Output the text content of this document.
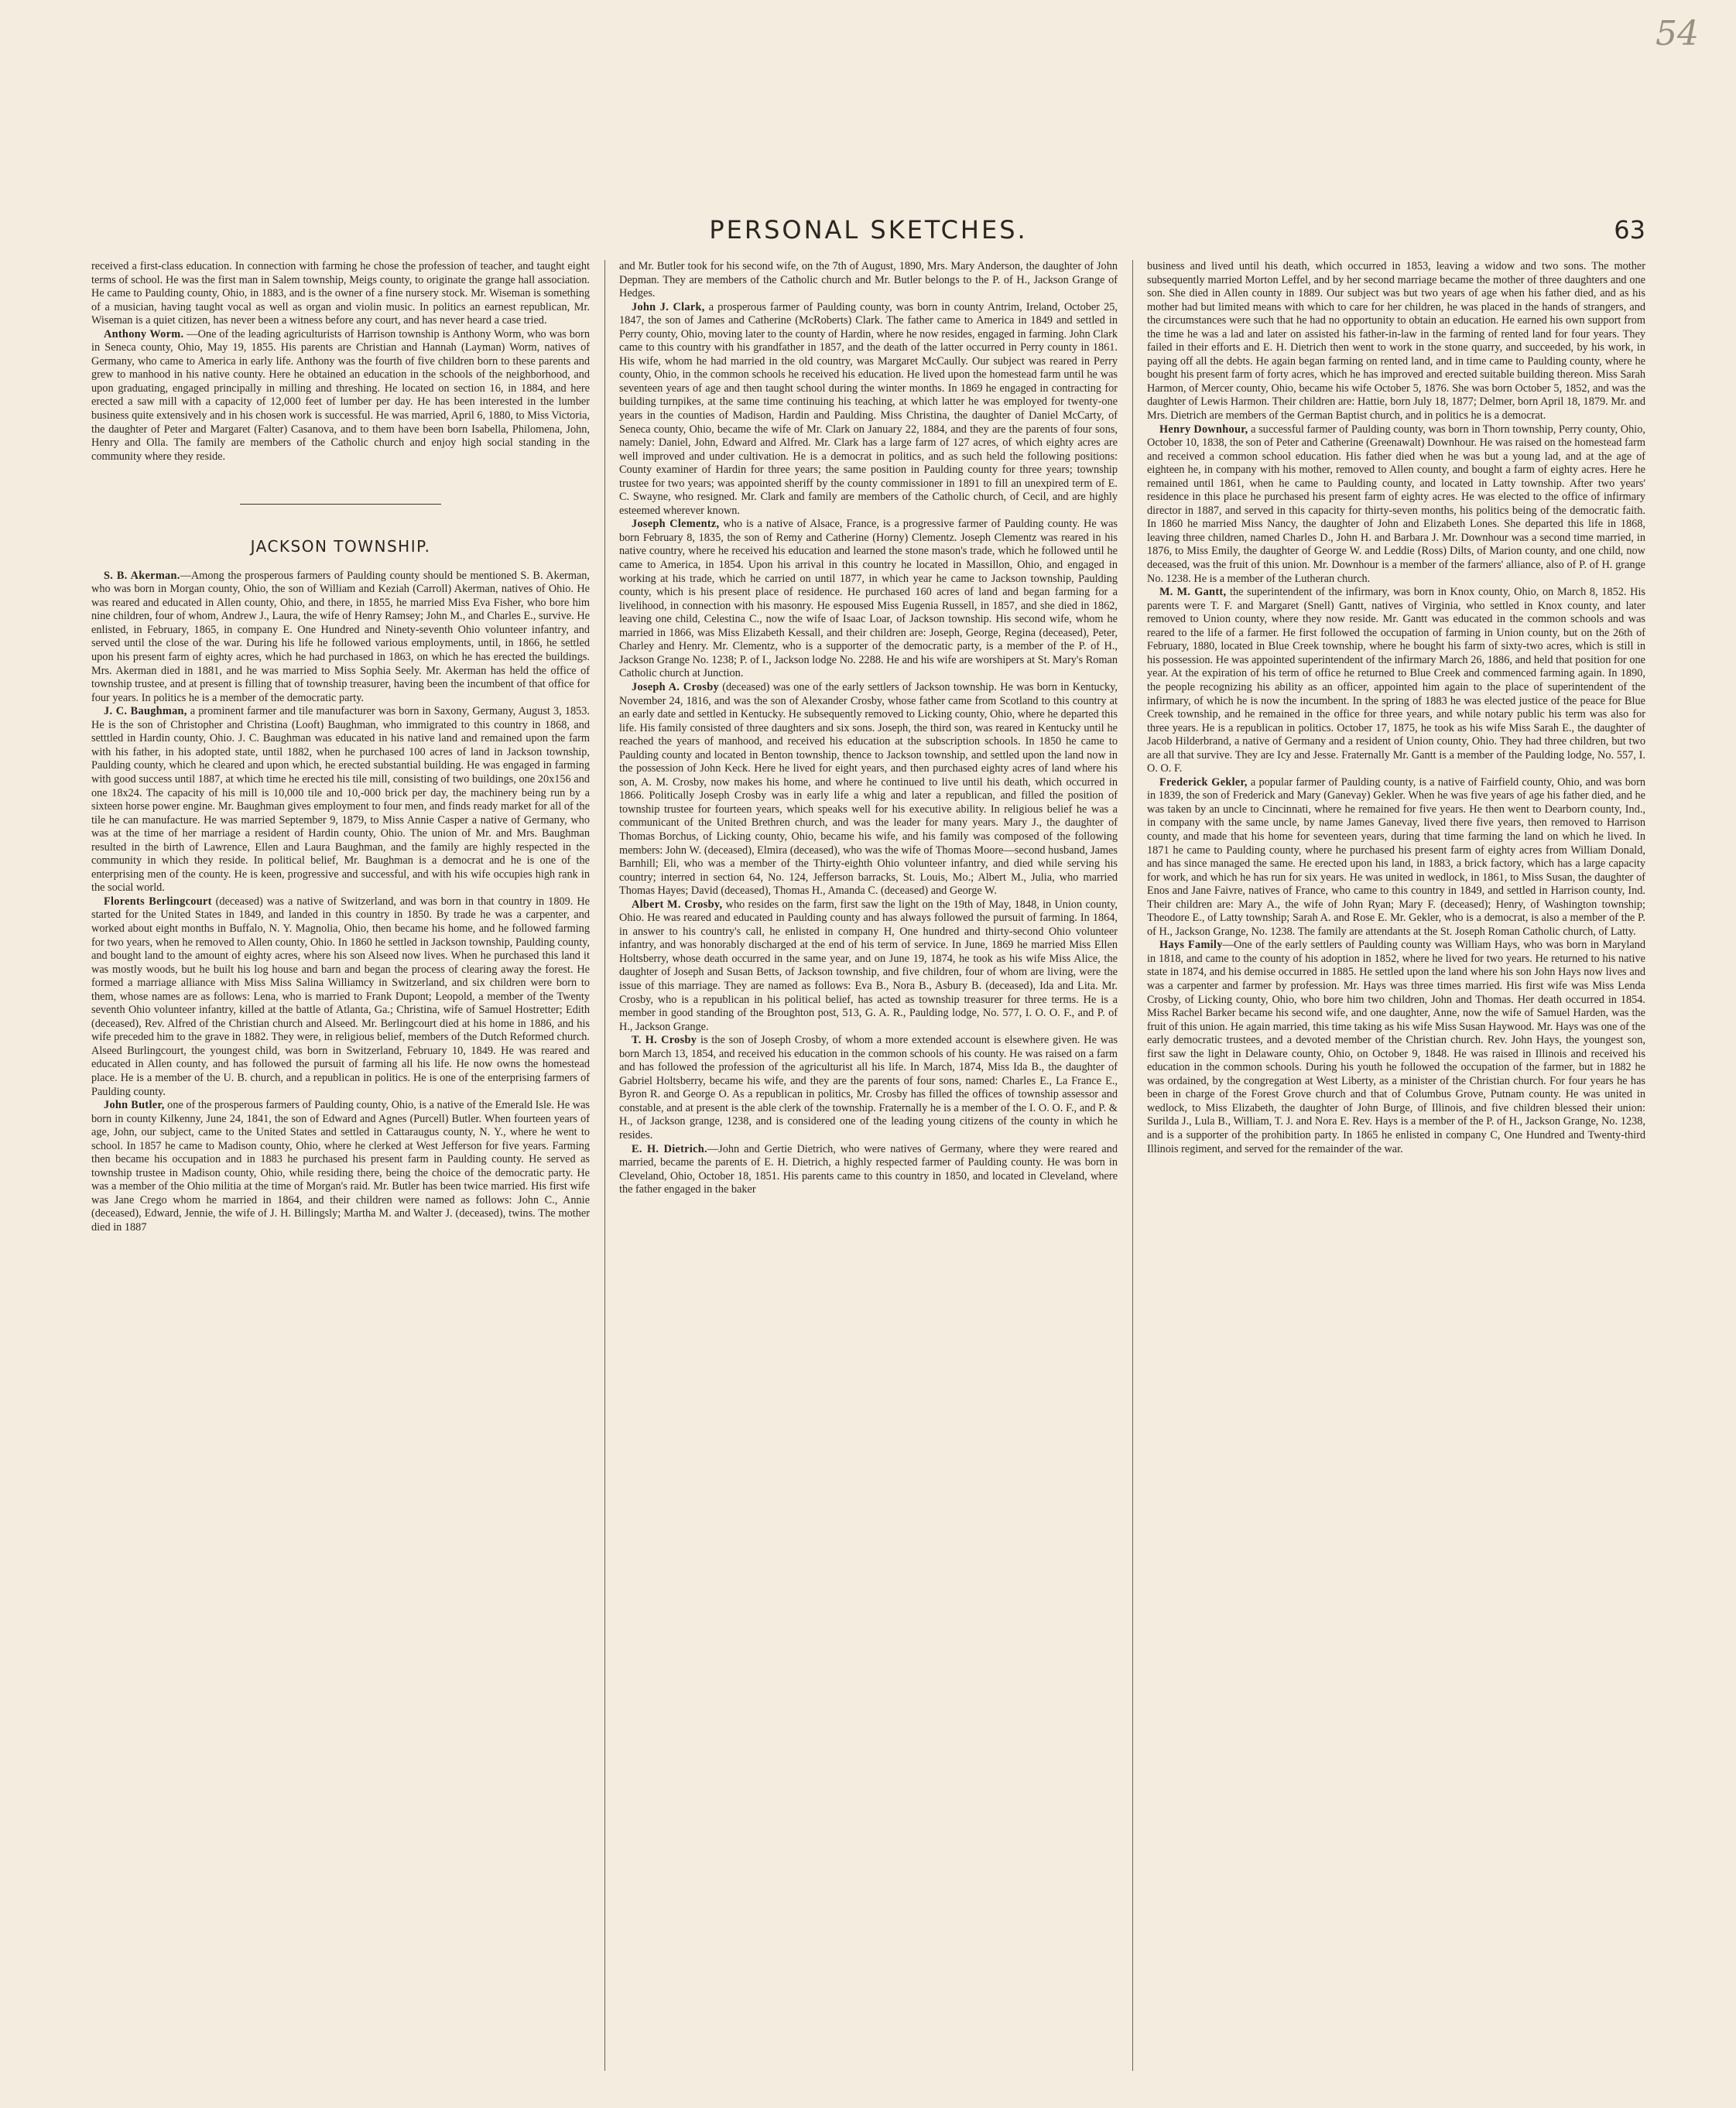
54
PERSONAL SKETCHES.	63

received a first-class education. In connection with farming he chose the profession of teacher, and taught eight terms of school. He was the first man in Salem township, Meigs county, to originate the grange hall association. He came to Paulding county, Ohio, in 1883, and is the owner of a fine nursery stock. Mr. Wiseman is something of a musician, having taught vocal as well as organ and violin music. In politics an earnest republican, Mr. Wiseman is a quiet citizen, has never been a witness before any court, and has never heard a case tried.

Anthony Worm. —One of the leading agriculturists of Harrison township is Anthony Worm, who was born in Seneca county, Ohio, May 19, 1855. His parents are Christian and Hannah (Layman) Worm, natives of Germany, who came to America in early life. Anthony was the fourth of five children born to these parents and grew to manhood in his native county. Here he obtained an education in the schools of the neighborhood, and upon graduating, engaged principally in milling and threshing. He located on section 16, in 1884, and here erected a saw mill with a capacity of 12,000 feet of lumber per day. He has been interested in the lumber business quite extensively and in his chosen work is successful. He was married, April 6, 1880, to Miss Victoria, the daughter of Peter and Margaret (Falter) Casanova, and to them have been born Isabella, Philomena, John, Henry and Olla. The family are members of the Catholic church and enjoy high social standing in the community where they reside.

JACKSON TOWNSHIP.

S. B. Akerman.—Among the prosperous farmers of Paulding county should be mentioned S. B. Akerman, who was born in Morgan county, Ohio, the son of William and Keziah (Carroll) Akerman, natives of Ohio. He was reared and educated in Allen county, Ohio, and there, in 1855, he married Miss Eva Fisher, who bore him nine children, four of whom, Andrew J., Laura, the wife of Henry Ramsey; John M., and Charles E., survive. He enlisted, in February, 1865, in company E. One Hundred and Ninety-seventh Ohio volunteer infantry, and served until the close of the war. During his life he followed various employments, until, in 1866, he settled upon his present farm of eighty acres, which he had purchased in 1863, on which he has erected the buildings. Mrs. Akerman died in 1881, and he was married to Miss Sophia Seely. Mr. Akerman has held the office of township trustee, and at present is filling that of township treasurer, having been the incumbent of that office for four years. In politics he is a member of the democratic party.

J. C. Baughman, a prominent farmer and tile manufacturer was born in Saxony, Germany, August 3, 1853. He is the son of Christopher and Christina (Looft) Baughman, who immigrated to this country in 1868, and setttled in Hardin county, Ohio. J. C. Baughman was educated in his native land and remained upon the farm with his father, in his adopted state, until 1882, when he purchased 100 acres of land in Jackson township, Paulding county, which he cleared and upon which, he erected substantial building. He was engaged in farming with good success until 1887, at which time he erected his tile mill, consisting of two buildings, one 20x156 and one 18x24. The capacity of his mill is 10,000 tile and 10,-000 brick per day, the machinery being run by a sixteen horse power engine. Mr. Baughman gives employment to four men, and finds ready market for all of the tile he can manufacture. He was married September 9, 1879, to Miss Annie Casper a native of Germany, who was at the time of her marriage a resident of Hardin county, Ohio. The union of Mr. and Mrs. Baughman resulted in the birth of Lawrence, Ellen and Laura Baughman, and the family are highly respected in the community in which they reside. In political belief, Mr. Baughman is a democrat and he is one of the enterprising men of the county. He is keen, progressive and successful, and with his wife occupies high rank in the social world.

Florents Berlingcourt (deceased) was a native of Switzerland, and was born in that country in 1809. He started for the United States in 1849, and landed in this country in 1850. By trade he was a carpenter, and worked about eight months in Buffalo, N. Y. Magnolia, Ohio, then became his home, and he followed farming for two years, when he removed to Allen county, Ohio. In 1860 he settled in Jackson township, Paulding county, and bought land to the amount of eighty acres, where his son Alseed now lives. When he purchased this land it was mostly woods, but he built his log house and barn and began the process of clearing away the forest. He formed a marriage alliance with Miss Miss Salina Williamcy in Switzerland, and six children were born to them, whose names are as follows: Lena, who is married to Frank Dupont; Leopold, a member of the Twenty seventh Ohio volunteer infantry, killed at the battle of Atlanta, Ga.; Christina, wife of Samuel Hostretter; Edith (deceased), Rev. Alfred of the Christian church and Alseed. Mr. Berlingcourt died at his home in 1886, and his wife preceded him to the grave in 1882. They were, in religious belief, members of the Dutch Reformed church. Alseed Burlingcourt, the youngest child, was born in Switzerland, February 10, 1849. He was reared and educated in Allen county, and has followed the pursuit of farming all his life. He now owns the homestead place. He is a member of the U. B. church, and a republican in politics. He is one of the enterprising farmers of Paulding county.

John Butler, one of the prosperous farmers of Paulding county, Ohio, is a native of the Emerald Isle. He was born in county Kilkenny, June 24, 1841, the son of Edward and Agnes (Purcell) Butler. When fourteen years of age, John, our subject, came to the United States and settled in Cattaraugus county, N. Y., where he went to school. In 1857 he came to Madison county, Ohio, where he clerked at West Jefferson for five years. Farming then became his occupation and in 1883 he purchased his present farm in Paulding county. He served as township trustee in Madison county, Ohio, while residing there, being the choice of the democratic party. He was a member of the Ohio militia at the time of Morgan's raid. Mr. Butler has been twice married. His first wife was Jane Crego whom he married in 1864, and their children were named as follows: John C., Annie (deceased), Edward, Jennie, the wife of J. H. Billingsly; Martha M. and Walter J. (deceased), twins. The mother died in 1887

and Mr. Butler took for his second wife, on the 7th of August, 1890, Mrs. Mary Anderson, the daughter of John Depman. They are members of the Catholic church and Mr. Butler belongs to the P. of H., Jackson Grange of Hedges.

John J. Clark, a prosperous farmer of Paulding county, was born in county Antrim, Ireland, October 25, 1847, the son of James and Catherine (McRoberts) Clark. The father came to America in 1849 and settled in Perry county, Ohio, moving later to the county of Hardin, where he now resides, engaged in farming. John Clark came to this country with his grandfather in 1857, and the death of the latter occurred in Perry county in 1861. His wife, whom he had married in the old country, was Margaret McCaully. Our subject was reared in Perry county, Ohio, in the common schools he received his education. He lived upon the homestead farm until he was seventeen years of age and then taught school during the winter months. In 1869 he engaged in contracting for building turnpikes, at the same time continuing his teaching, at which latter he was employed for twenty-one years in the counties of Madison, Hardin and Paulding. Miss Christina, the daughter of Daniel McCarty, of Seneca county, Ohio, became the wife of Mr. Clark on January 22, 1884, and they are the parents of four sons, namely: Daniel, John, Edward and Alfred. Mr. Clark has a large farm of 127 acres, of which eighty acres are well improved and under cultivation. He is a democrat in politics, and as such held the following positions: County examiner of Hardin for three years; the same position in Paulding county for three years; township trustee for two years; was appointed sheriff by the county commissioner in 1891 to fill an unexpired term of E. C. Swayne, who resigned. Mr. Clark and family are members of the Catholic church, of Cecil, and are highly esteemed wherever known.

Joseph Clementz, who is a native of Alsace, France, is a progressive farmer of Paulding county. He was born February 8, 1835, the son of Remy and Catherine (Horny) Clementz. Joseph Clementz was reared in his native country, where he received his education and learned the stone mason's trade, which he followed until he came to America, in 1854. Upon his arrival in this country he located in Massillon, Ohio, and engaged in working at his trade, which he carried on until 1877, in which year he came to Jackson township, Paulding county, which is his present place of residence. He purchased 160 acres of land and began farming for a livelihood, in connection with his masonry. He espoused Miss Eugenia Russell, in 1857, and she died in 1862, leaving one child, Celestina C., now the wife of Isaac Loar, of Jackson township. His second wife, whom he married in 1866, was Miss Elizabeth Kessall, and their children are: Joseph, George, Regina (deceased), Peter, Charley and Henry. Mr. Clementz, who is a supporter of the democratic party, is a member of the P. of H., Jackson Grange No. 1238; P. of I., Jackson lodge No. 2288. He and his wife are worshipers at St. Mary's Roman Catholic church at Junction.

Joseph A. Crosby (deceased) was one of the early settlers of Jackson township. He was born in Kentucky, November 24, 1816, and was the son of Alexander Crosby, whose father came from Scotland to this country at an early date and settled in Kentucky. He subsequently removed to Licking county, Ohio, where he departed this life. His family consisted of three daughters and six sons. Joseph, the third son, was reared in Kentucky until he reached the years of manhood, and received his education at the subscription schools. In 1850 he came to Paulding county and located in Benton township, thence to Jackson township, and settled upon the land now in the possession of John Keck. Here he lived for eight years, and then purchased eighty acres of land where his son, A. M. Crosby, now makes his home, and where he continued to live until his death, which occurred in 1866. Politically Joseph Crosby was in early life a whig and later a republican, and filled the position of township trustee for fourteen years, which speaks well for his executive ability. In religious belief he was a communicant of the United Brethren church, and was the leader for many years. Mary J., the daughter of Thomas Borchus, of Licking county, Ohio, became his wife, and his family was composed of the following members: John W. (deceased), Elmira (deceased), who was the wife of Thomas Moore—second husband, James Barnhill; Eli, who was a member of the Thirty-eighth Ohio volunteer infantry, and died while serving his country; interred in section 64, No. 124, Jefferson barracks, St. Louis, Mo.; Albert M., Julia, who married Thomas Hayes; David (deceased), Thomas H., Amanda C. (deceased) and George W.

Albert M. Crosby, who resides on the farm, first saw the light on the 19th of May, 1848, in Union county, Ohio. He was reared and educated in Paulding county and has always followed the pursuit of farming. In 1864, in answer to his country's call, he enlisted in company H, One hundred and thirty-second Ohio volunteer infantry, and was honorably discharged at the end of his term of service. In June, 1869 he married Miss Ellen Holtsberry, whose death occurred in the same year, and on June 19, 1874, he took as his wife Miss Alice, the daughter of Joseph and Susan Betts, of Jackson township, and five children, four of whom are living, were the issue of this marriage. They are named as follows: Eva B., Nora B., Asbury B. (deceased), Ida and Lita. Mr. Crosby, who is a republican in his political belief, has acted as township treasurer for three terms. He is a member in good standing of the Broughton post, 513, G. A. R., Paulding lodge, No. 577, I. O. O. F., and P. of H., Jackson Grange.

T. H. Crosby is the son of Joseph Crosby, of whom a more extended account is elsewhere given. He was born March 13, 1854, and received his education in the common schools of his county. He was raised on a farm and has followed the profession of the agriculturist all his life. In March, 1874, Miss Ida B., the daughter of Gabriel Holtsberry, became his wife, and they are the parents of four sons, named: Charles E., La France E., Byron R. and George O. As a republican in politics, Mr. Crosby has filled the offices of township assessor and constable, and at present is the able clerk of the township. Fraternally he is a member of the I. O. O. F., and P. & H., of Jackson grange, 1238, and is considered one of the leading young citizens of the county in which he resides.

E. H. Dietrich.—John and Gertie Dietrich, who were natives of Germany, where they were reared and married, became the parents of E. H. Dietrich, a highly respected farmer of Paulding county. He was born in Cleveland, Ohio, October 18, 1851. His parents came to this country in 1850, and located in Cleveland, where the father engaged in the baker

business and lived until his death, which occurred in 1853, leaving a widow and two sons. The mother subsequently married Morton Leffel, and by her second marriage became the mother of three daughters and one son. She died in Allen county in 1889. Our subject was but two years of age when his father died, and as his mother had but limited means with which to care for her children, he was placed in the hands of strangers, and the circumstances were such that he had no opportunity to obtain an education. He earned his own support from the time he was a lad and later on assisted his father-in-law in the farming of rented land for four years. They failed in their efforts and E. H. Dietrich then went to work in the stone quarry, and succeeded, by his work, in paying off all the debts. He again began farming on rented land, and in time came to Paulding county, where he bought his present farm of forty acres, which he has improved and erected suitable building thereon. Miss Sarah Harmon, of Mercer county, Ohio, became his wife October 5, 1876. She was born October 5, 1852, and was the daughter of Lewis Harmon. Their children are: Hattie, born July 18, 1877; Delmer, born April 18, 1879. Mr. and Mrs. Dietrich are members of the German Baptist church, and in politics he is a democrat.

Henry Downhour, a successful farmer of Paulding county, was born in Thorn township, Perry county, Ohio, October 10, 1838, the son of Peter and Catherine (Greenawalt) Downhour. He was raised on the homestead farm and received a common school education. His father died when he was but a young lad, and at the age of eighteen he, in company with his mother, removed to Allen county, and bought a farm of eighty acres. Here he remained until 1861, when he came to Paulding county, and located in Latty township. After two years' residence in this place he purchased his present farm of eighty acres. He was elected to the office of infirmary director in 1887, and served in this capacity for thirty-seven months, his politics being of the democratic faith. In 1860 he married Miss Nancy, the daughter of John and Elizabeth Lones. She departed this life in 1868, leaving three children, named Charles D., John H. and Barbara J. Mr. Downhour was a second time married, in 1876, to Miss Emily, the daughter of George W. and Leddie (Ross) Dilts, of Marion county, and one child, now deceased, was the fruit of this union. Mr. Downhour is a member of the farmers' alliance, also of P. of H. grange No. 1238. He is a member of the Lutheran church.

M. M. Gantt, the superintendent of the infirmary, was born in Knox county, Ohio, on March 8, 1852. His parents were T. F. and Margaret (Snell) Gantt, natives of Virginia, who settled in Knox county, and later removed to Union county, where they now reside. Mr. Gantt was educated in the common schools and was reared to the life of a farmer. He first followed the occupation of farming in Union county, but on the 26th of February, 1880, located in Blue Creek township, where he bought his farm of sixty-two acres, which is still in his possession. He was appointed superintendent of the infirmary March 26, 1886, and held that position for one year. At the expiration of his term of office he returned to Blue Creek and commenced farming again. In 1890, the people recognizing his ability as an officer, appointed him again to the place of superintendent of the infirmary, of which he is now the incumbent. In the spring of 1883 he was elected justice of the peace for Blue Creek township, and he remained in the office for three years, and while notary public his term was also for three years. He is a republican in politics. October 17, 1875, he took as his wife Miss Sarah E., the daughter of Jacob Hilderbrand, a native of Germany and a resident of Union county, Ohio. They had three children, but two are all that survive. They are Icy and Jesse. Fraternally Mr. Gantt is a member of the Paulding lodge, No. 557, I. O. O. F.

Frederick Gekler, a popular farmer of Paulding county, is a native of Fairfield county, Ohio, and was born in 1839, the son of Frederick and Mary (Ganevay) Gekler. When he was five years of age his father died, and he was taken by an uncle to Cincinnati, where he remained for five years. He then went to Dearborn county, Ind., in company with the same uncle, by name James Ganevay, lived there five years, then removed to Harrison county, and made that his home for seventeen years, during that time farming the land on which he lived. In 1871 he came to Paulding county, where he purchased his present farm of eighty acres from William Donald, and has since managed the same. He erected upon his land, in 1883, a brick factory, which has a large capacity for work, and which he has run for six years. He was united in wedlock, in 1861, to Miss Susan, the daughter of Enos and Jane Faivre, natives of France, who came to this country in 1849, and settled in Harrison county, Ind. Their children are: Mary A., the wife of John Ryan; Mary F. (deceased); Henry, of Washington township; Theodore E., of Latty township; Sarah A. and Rose E. Mr. Gekler, who is a democrat, is also a member of the P. of H., Jackson Grange, No. 1238. The family are attendants at the St. Joseph Roman Catholic church, of Latty.

Hays Family—One of the early settlers of Paulding county was William Hays, who was born in Maryland in 1818, and came to the county of his adoption in 1852, where he lived for two years. He returned to his native state in 1874, and his demise occurred in 1885. He settled upon the land where his son John Hays now lives and was a carpenter and farmer by profession. Mr. Hays was three times married. His first wife was Miss Lenda Crosby, of Licking county, Ohio, who bore him two children, John and Thomas. Her death occurred in 1854. Miss Rachel Barker became his second wife, and one daughter, Anne, now the wife of Samuel Harden, was the fruit of this union. He again married, this time taking as his wife Miss Susan Haywood. Mr. Hays was one of the early democratic trustees, and a devoted member of the Christian church. Rev. John Hays, the youngest son, first saw the light in Delaware county, Ohio, on October 9, 1848. He was raised in Illinois and received his education in the common schools. During his youth he followed the occupation of the farmer, but in 1882 he was ordained, by the congregation at West Liberty, as a minister of the Christian church. For four years he has been in charge of the Forest Grove church and that of Columbus Grove, Putnam county. He was united in wedlock, to Miss Elizabeth, the daughter of John Burge, of Illinois, and five children blessed their union: Surilda J., Lula B., William, T. J. and Nora E. Rev. Hays is a member of the P. of H., Jackson Grange, No. 1238, and is a supporter of the prohibition party. In 1865 he enlisted in company C, One Hundred and Twenty-third Illinois regiment, and served for the remainder of the war.
